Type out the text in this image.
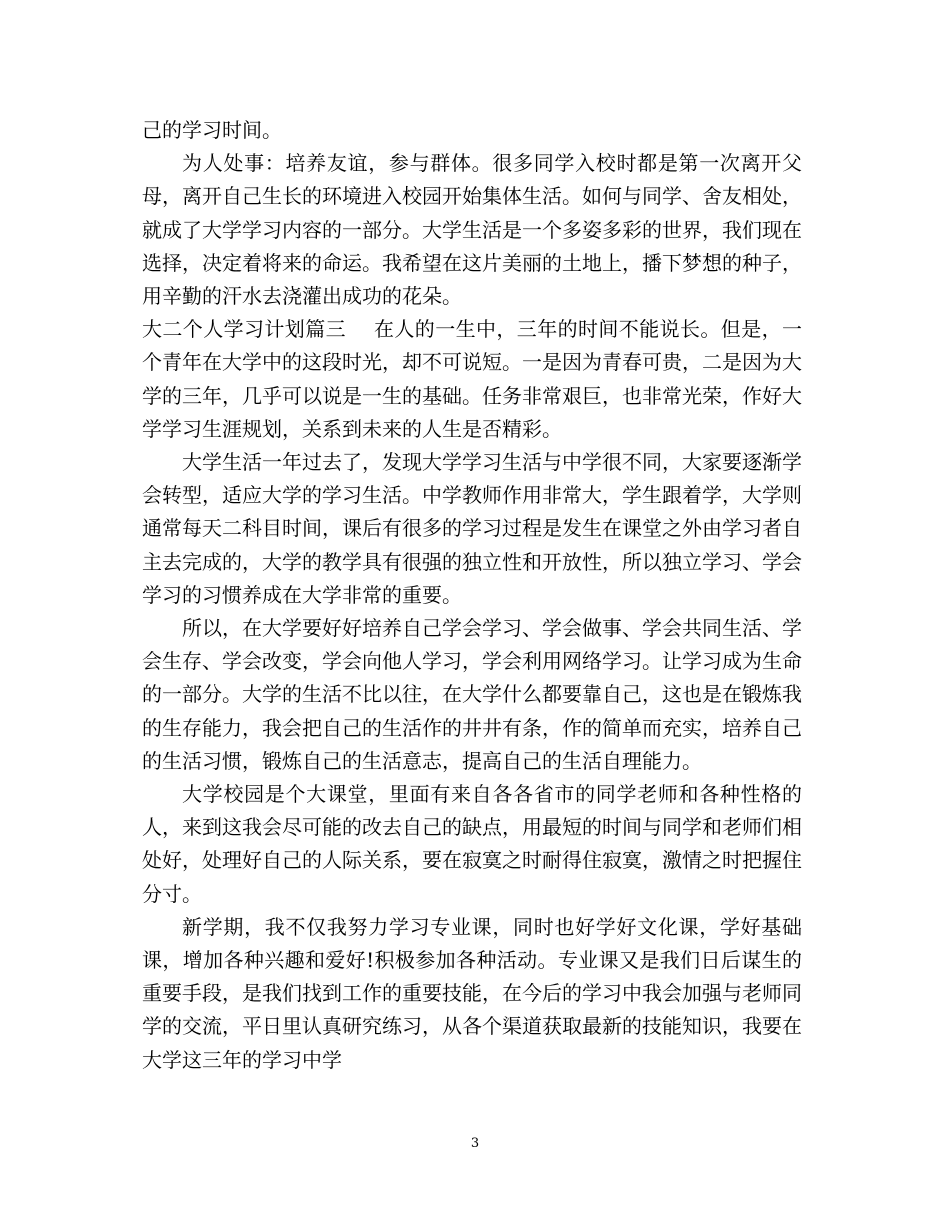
己的学习时间。

为人处事：培养友谊，参与群体。很多同学入校时都是第一次离开父母，离开自己生长的环境进入校园开始集体生活。如何与同学、舍友相处，就成了大学学习内容的一部分。大学生活是一个多姿多彩的世界，我们现在选择，决定着将来的命运。我希望在这片美丽的土地上，播下梦想的种子，用辛勤的汗水去浇灌出成功的花朵。

大二个人学习计划篇三 在人的一生中，三年的时间不能说长。但是，一个青年在大学中的这段时光，却不可说短。一是因为青春可贵，二是因为大学的三年，几乎可以说是一生的基础。任务非常艰巨，也非常光荣，作好大学学习生涯规划，关系到未来的人生是否精彩。

大学生活一年过去了，发现大学学习生活与中学很不同，大家要逐渐学会转型，适应大学的学习生活。中学教师作用非常大，学生跟着学，大学则通常每天二科目时间，课后有很多的学习过程是发生在课堂之外由学习者自主去完成的，大学的教学具有很强的独立性和开放性，所以独立学习、学会学习的习惯养成在大学非常的重要。

所以，在大学要好好培养自己学会学习、学会做事、学会共同生活、学会生存、学会改变，学会向他人学习，学会利用网络学习。让学习成为生命的一部分。大学的生活不比以往，在大学什么都要靠自己，这也是在锻炼我的生存能力，我会把自己的生活作的井井有条，作的简单而充实，培养自己的生活习惯，锻炼自己的生活意志，提高自己的生活自理能力。

大学校园是个大课堂，里面有来自各各省市的同学老师和各种性格的人，来到这我会尽可能的改去自己的缺点，用最短的时间与同学和老师们相处好，处理好自己的人际关系，要在寂寞之时耐得住寂寞，激情之时把握住分寸。

新学期，我不仅我努力学习专业课，同时也好学好文化课，学好基础课，增加各种兴趣和爱好!积极参加各种活动。专业课又是我们日后谋生的重要手段，是我们找到工作的重要技能，在今后的学习中我会加强与老师同学的交流，平日里认真研究练习，从各个渠道获取最新的技能知识，我要在大学这三年的学习中学

3
